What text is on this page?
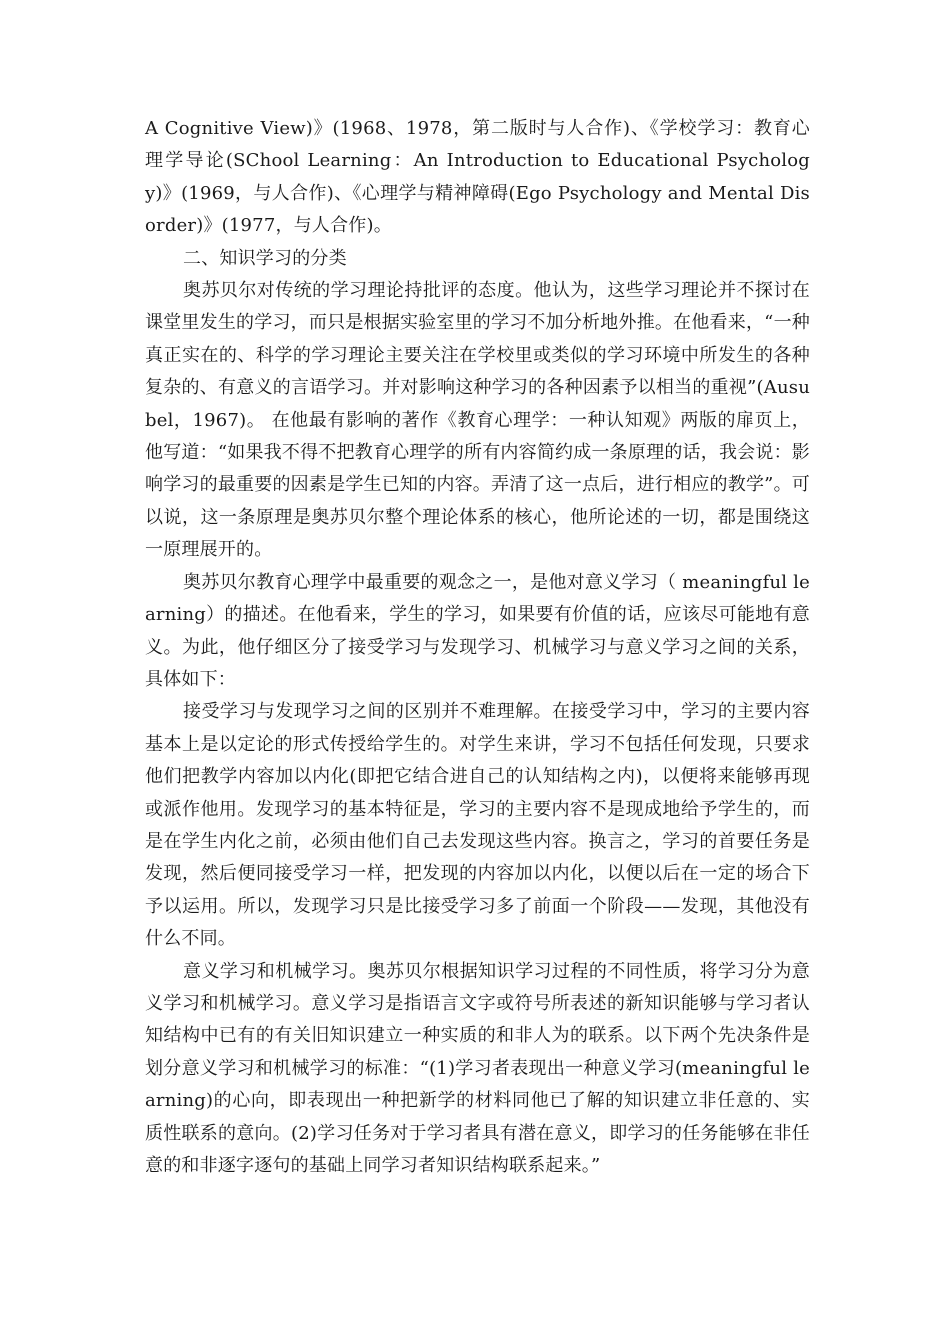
A Cognitive View)》(1968、1978，第二版时与人合作)、《学校学习：教育心理学导论(SChool Learning：An Introduction to Educational Psychology)》(1969，与人合作)、《心理学与精神障碍(Ego Psychology and Mental Disorder)》(1977，与人合作)。

二、知识学习的分类

奥苏贝尔对传统的学习理论持批评的态度。他认为，这些学习理论并不探讨在课堂里发生的学习，而只是根据实验室里的学习不加分析地外推。在他看来，“一种真正实在的、科学的学习理论主要关注在学校里或类似的学习环境中所发生的各种复杂的、有意义的言语学习。并对影响这种学习的各种因素予以相当的重视”(Ausubel，1967)。 在他最有影响的著作《教育心理学：一种认知观》两版的扉页上，他写道：“如果我不得不把教育心理学的所有内容简约成一条原理的话，我会说：影响学习的最重要的因素是学生已知的内容。弄清了这一点后，进行相应的教学”。可以说，这一条原理是奥苏贝尔整个理论体系的核心，他所论述的一切，都是围绕这一原理展开的。

奥苏贝尔教育心理学中最重要的观念之一，是他对意义学习（ meaningful learning）的描述。在他看来，学生的学习，如果要有价值的话，应该尽可能地有意义。为此，他仔细区分了接受学习与发现学习、机械学习与意义学习之间的关系，具体如下：

接受学习与发现学习之间的区别并不难理解。在接受学习中，学习的主要内容基本上是以定论的形式传授给学生的。对学生来讲，学习不包括任何发现，只要求他们把教学内容加以内化(即把它结合进自己的认知结构之内)，以便将来能够再现或派作他用。发现学习的基本特征是，学习的主要内容不是现成地给予学生的，而是在学生内化之前，必须由他们自己去发现这些内容。换言之，学习的首要任务是发现，然后便同接受学习一样，把发现的内容加以内化，以便以后在一定的场合下予以运用。所以，发现学习只是比接受学习多了前面一个阶段——发现，其他没有什么不同。

意义学习和机械学习。奥苏贝尔根据知识学习过程的不同性质，将学习分为意义学习和机械学习。意义学习是指语言文字或符号所表述的新知识能够与学习者认知结构中已有的有关旧知识建立一种实质的和非人为的联系。以下两个先决条件是划分意义学习和机械学习的标准：“(1)学习者表现出一种意义学习(meaningful learning)的心向，即表现出一种把新学的材料同他已了解的知识建立非任意的、实质性联系的意向。(2)学习任务对于学习者具有潜在意义，即学习的任务能够在非任意的和非逐字逐句的基础上同学习者知识结构联系起来。”
